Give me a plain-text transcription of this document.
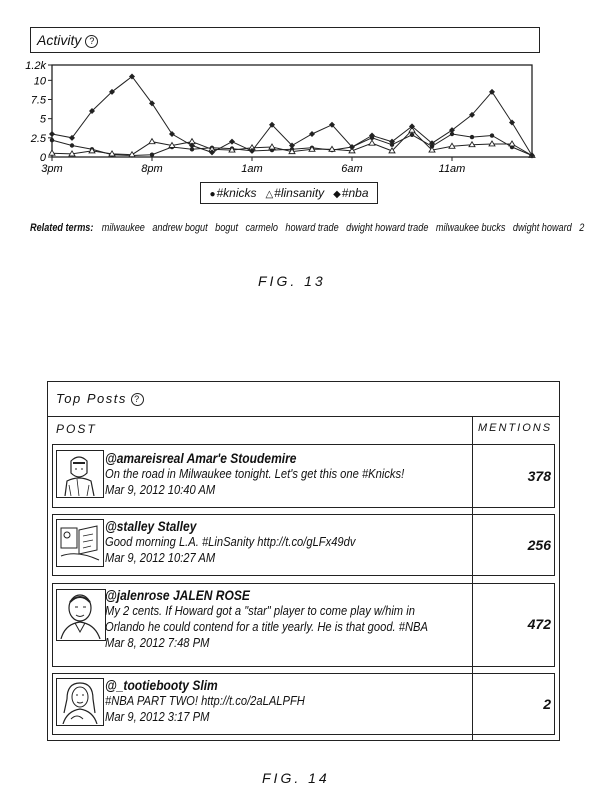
Activity ?
1.2k
10
7.5
5
2.5
0
3pm	8pm	1am	6am	11am
●#knicks △#linsanity ◆#nba
Related terms: milwaukee andrew bogut bogut carmelo howard trade dwight howard trade milwaukee bucks dwight howard 2
FIG. 13
Top Posts ?
POST	MENTIONS
@amareisreal Amar'e Stoudemire
On the road in Milwaukee tonight. Let's get this one #Knicks!
Mar 9, 2012 10:40 AM
378
@stalley Stalley
Good morning L.A. #LinSanity http://t.co/gLFx49dv
Mar 9, 2012 10:27 AM
256
@jalenrose JALEN ROSE
My 2 cents. If Howard got a "star" player to come play w/him in
Orlando he could contend for a title yearly. He is that good. #NBA
Mar 8, 2012 7:48 PM
472
@_tootiebooty Slim
#NBA PART TWO! http://t.co/2aLALPFH
Mar 9, 2012 3:17 PM
2
FIG. 14
